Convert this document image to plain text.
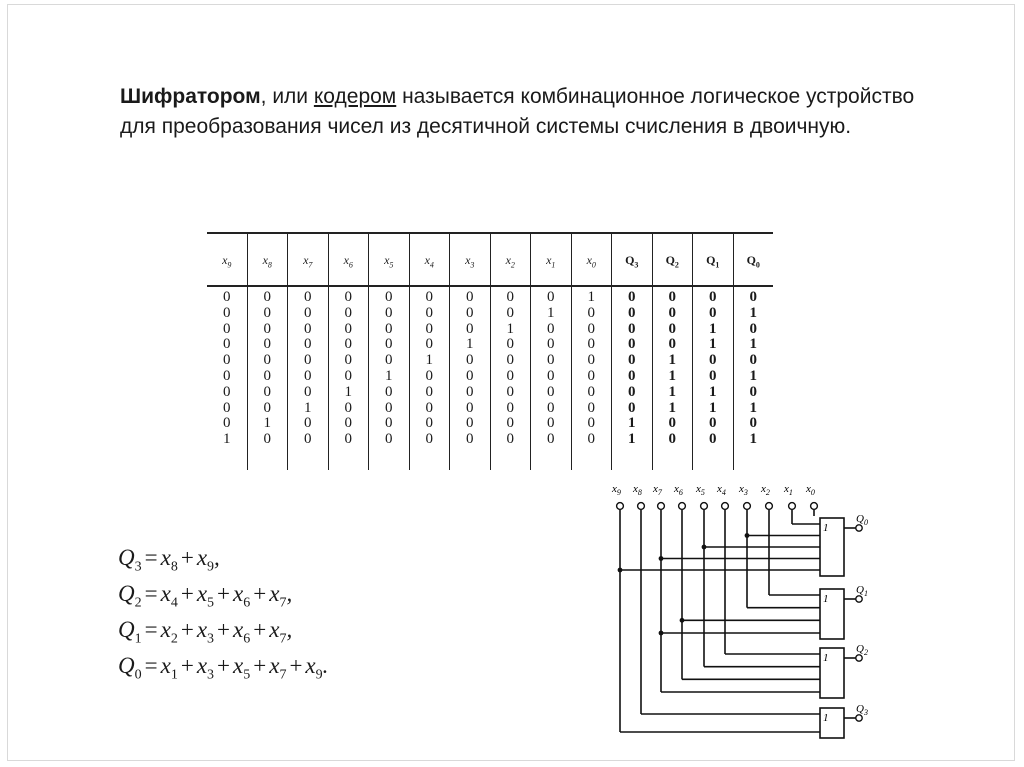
Шифратором, или кодером называется комбинационное логическое устройство для преобразования чисел из десятичной системы счисления в двоичную.

$x_9$
0
0
0
0
0
0
0
0
0
1
$x_8$
0
0
0
0
0
0
0
0
1
0
$x_7$
0
0
0
0
0
0
0
1
0
0
$x_6$
0
0
0
0
0
0
1
0
0
0
$x_5$
0
0
0
0
0
1
0
0
0
0
$x_4$
0
0
0
0
1
0
0
0
0
0
$x_3$
0
0
0
1
0
0
0
0
0
0
$x_2$
0
0
1
0
0
0
0
0
0
0
$x_1$
0
1
0
0
0
0
0
0
0
0
$x_0$
1
0
0
0
0
0
0
0
0
0
$Q_3$
0
0
0
0
0
0
0
0
1
1
$Q_2$
0
0
0
0
1
1
1
1
0
0
$Q_1$
0
0
1
1
0
0
1
1
0
0
$Q_0$
0
1
0
1
0
1
0
1
0
1
$Q_3 = x_8 + x_9$,
$Q_2 = x_4 + x_5 + x_6 + x_7$,
$Q_1 = x_2 + x_3 + x_6 + x_7$,
$Q_0 = x_1 + x_3 + x_5 + x_7 + x_9$.
$x_9$ $x_8$ $x_7$ $x_6$ $x_5$ $x_4$ $x_3$ $x_2$ $x_1$ $x_0$
1
$Q_0$
1
$Q_1$
1
$Q_2$
1
$Q_3$
